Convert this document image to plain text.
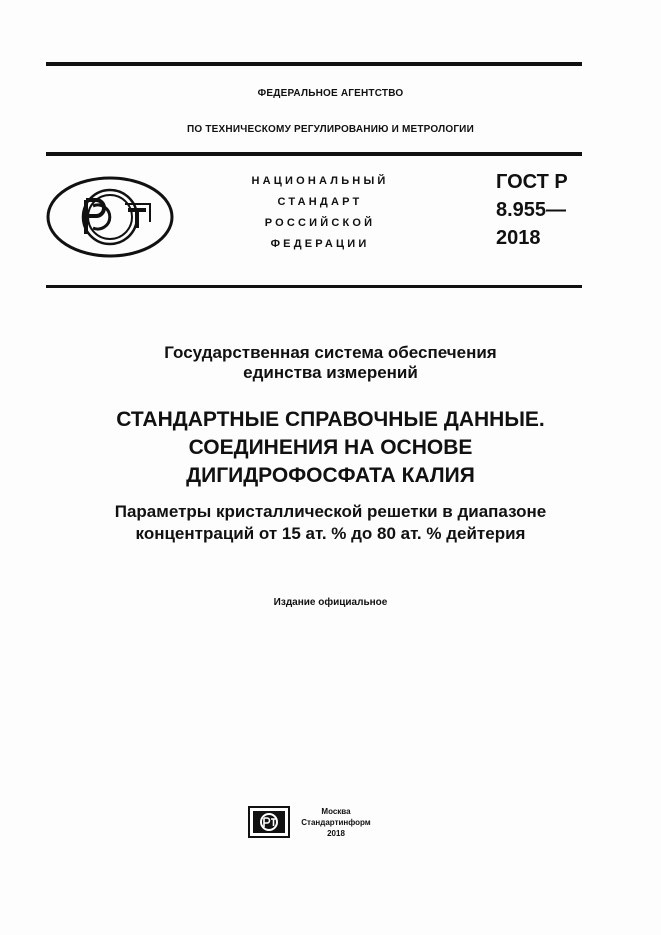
ФЕДЕРАЛЬНОЕ АГЕНТСТВО
ПО ТЕХНИЧЕСКОМУ РЕГУЛИРОВАНИЮ И МЕТРОЛОГИИ
НАЦИОНАЛЬНЫЙ
СТАНДАРТ
РОССИЙСКОЙ
ФЕДЕРАЦИИ
ГОСТ Р
8.955—
2018
Государственная система обеспечения
единства измерений
СТАНДАРТНЫЕ СПРАВОЧНЫЕ ДАННЫЕ.
СОЕДИНЕНИЯ НА ОСНОВЕ
ДИГИДРОФОСФАТА КАЛИЯ
Параметры кристаллической решетки в диапазоне
концентраций от 15 ат. % до 80 ат. % дейтерия
Издание официальное
Москва
Стандартинформ
2018
